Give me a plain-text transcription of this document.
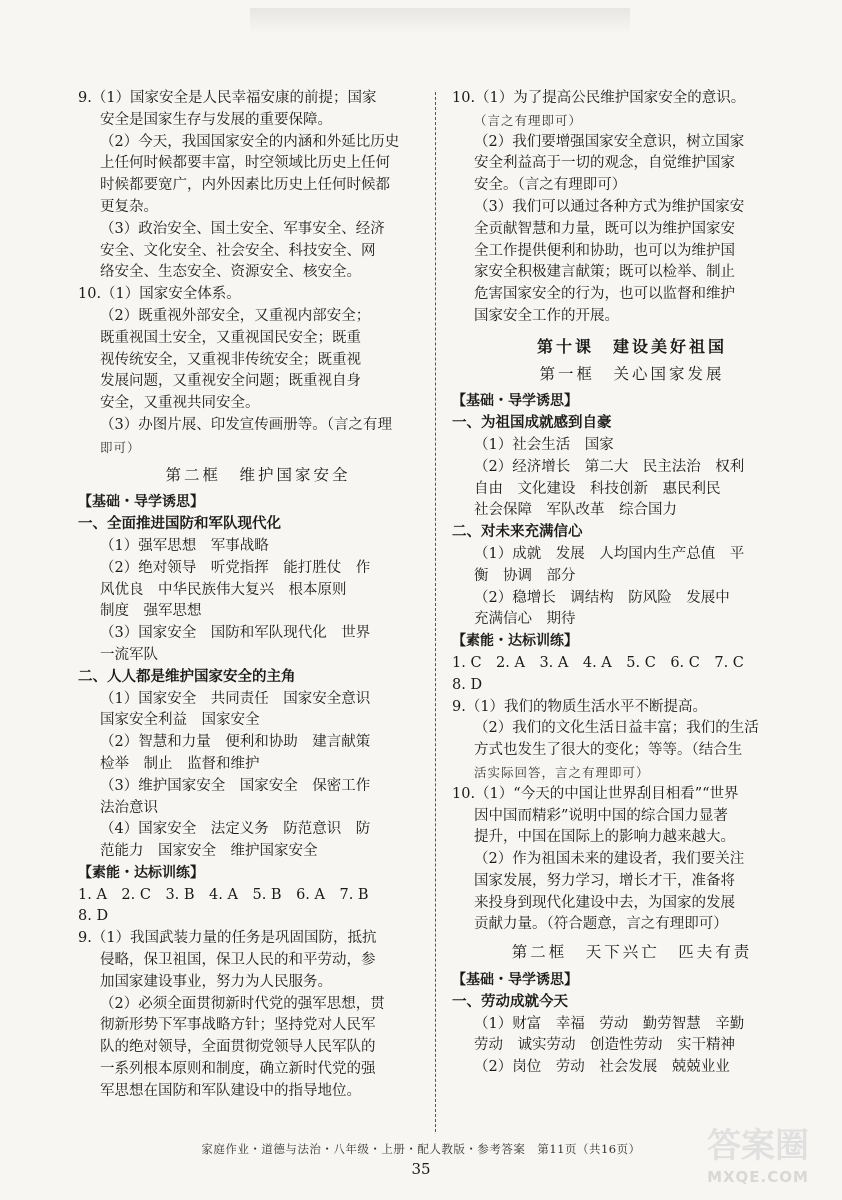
9.（1）国家安全是人民幸福安康的前提；国家
安全是国家生存与发展的重要保障。
（2）今天，我国国家安全的内涵和外延比历史
上任何时候都要丰富，时空领域比历史上任何
时候都要宽广，内外因素比历史上任何时候都
更复杂。
（3）政治安全、国土安全、军事安全、经济
安全、文化安全、社会安全、科技安全、网
络安全、生态安全、资源安全、核安全。
10.（1）国家安全体系。
（2）既重视外部安全，又重视内部安全；
既重视国土安全，又重视国民安全；既重
视传统安全，又重视非传统安全；既重视
发展问题，又重视安全问题；既重视自身
安全，又重视共同安全。
（3）办图片展、印发宣传画册等。（言之有理
即可）
第二框　维护国家安全
【基础・导学诱思】
一、全面推进国防和军队现代化
（1）强军思想　军事战略
（2）绝对领导　听党指挥　能打胜仗　作
风优良　中华民族伟大复兴　根本原则
制度　强军思想
（3）国家安全　国防和军队现代化　世界
一流军队
二、人人都是维护国家安全的主角
（1）国家安全　共同责任　国家安全意识
国家安全利益　国家安全
（2）智慧和力量　便利和协助　建言献策
检举　制止　监督和维护
（3）维护国家安全　国家安全　保密工作
法治意识
（4）国家安全　法定义务　防范意识　防
范能力　国家安全　维护国家安全
【素能・达标训练】
1. A　2. C　3. B　4. A　5. B　6. A　7. B
8. D
9.（1）我国武装力量的任务是巩固国防，抵抗
侵略，保卫祖国，保卫人民的和平劳动，参
加国家建设事业，努力为人民服务。
（2）必须全面贯彻新时代党的强军思想，贯
彻新形势下军事战略方针；坚持党对人民军
队的绝对领导，全面贯彻党领导人民军队的
一系列根本原则和制度，确立新时代党的强
军思想在国防和军队建设中的指导地位。
10.（1）为了提高公民维护国家安全的意识。
（言之有理即可）
（2）我们要增强国家安全意识，树立国家
安全利益高于一切的观念，自觉维护国家
安全。（言之有理即可）
（3）我们可以通过各种方式为维护国家安
全贡献智慧和力量，既可以为维护国家安
全工作提供便利和协助，也可以为维护国
家安全积极建言献策；既可以检举、制止
危害国家安全的行为，也可以监督和维护
国家安全工作的开展。
第十课　建设美好祖国
第一框　关心国家发展
【基础・导学诱思】
一、为祖国成就感到自豪
（1）社会生活　国家
（2）经济增长　第二大　民主法治　权利
自由　文化建设　科技创新　惠民利民
社会保障　军队改革　综合国力
二、对未来充满信心
（1）成就　发展　人均国内生产总值　平
衡　协调　部分
（2）稳增长　调结构　防风险　发展中
充满信心　期待
【素能・达标训练】
1. C　2. A　3. A　4. A　5. C　6. C　7. C
8. D
9.（1）我们的物质生活水平不断提高。
（2）我们的文化生活日益丰富；我们的生活
方式也发生了很大的变化；等等。（结合生
活实际回答，言之有理即可）
10.（1）“今天的中国让世界刮目相看”“世界
因中国而精彩”说明中国的综合国力显著
提升，中国在国际上的影响力越来越大。
（2）作为祖国未来的建设者，我们要关注
国家发展，努力学习，增长才干，准备将
来投身到现代化建设中去，为国家的发展
贡献力量。（符合题意，言之有理即可）
第二框　天下兴亡　匹夫有责
【基础・导学诱思】
一、劳动成就今天
（1）财富　幸福　劳动　勤劳智慧　辛勤
劳动　诚实劳动　创造性劳动　实干精神
（2）岗位　劳动　社会发展　兢兢业业
家庭作业・道德与法治・八年级・上册・配人教版・参考答案　第11页（共16页）
35
答案圈
MXQE.COM
